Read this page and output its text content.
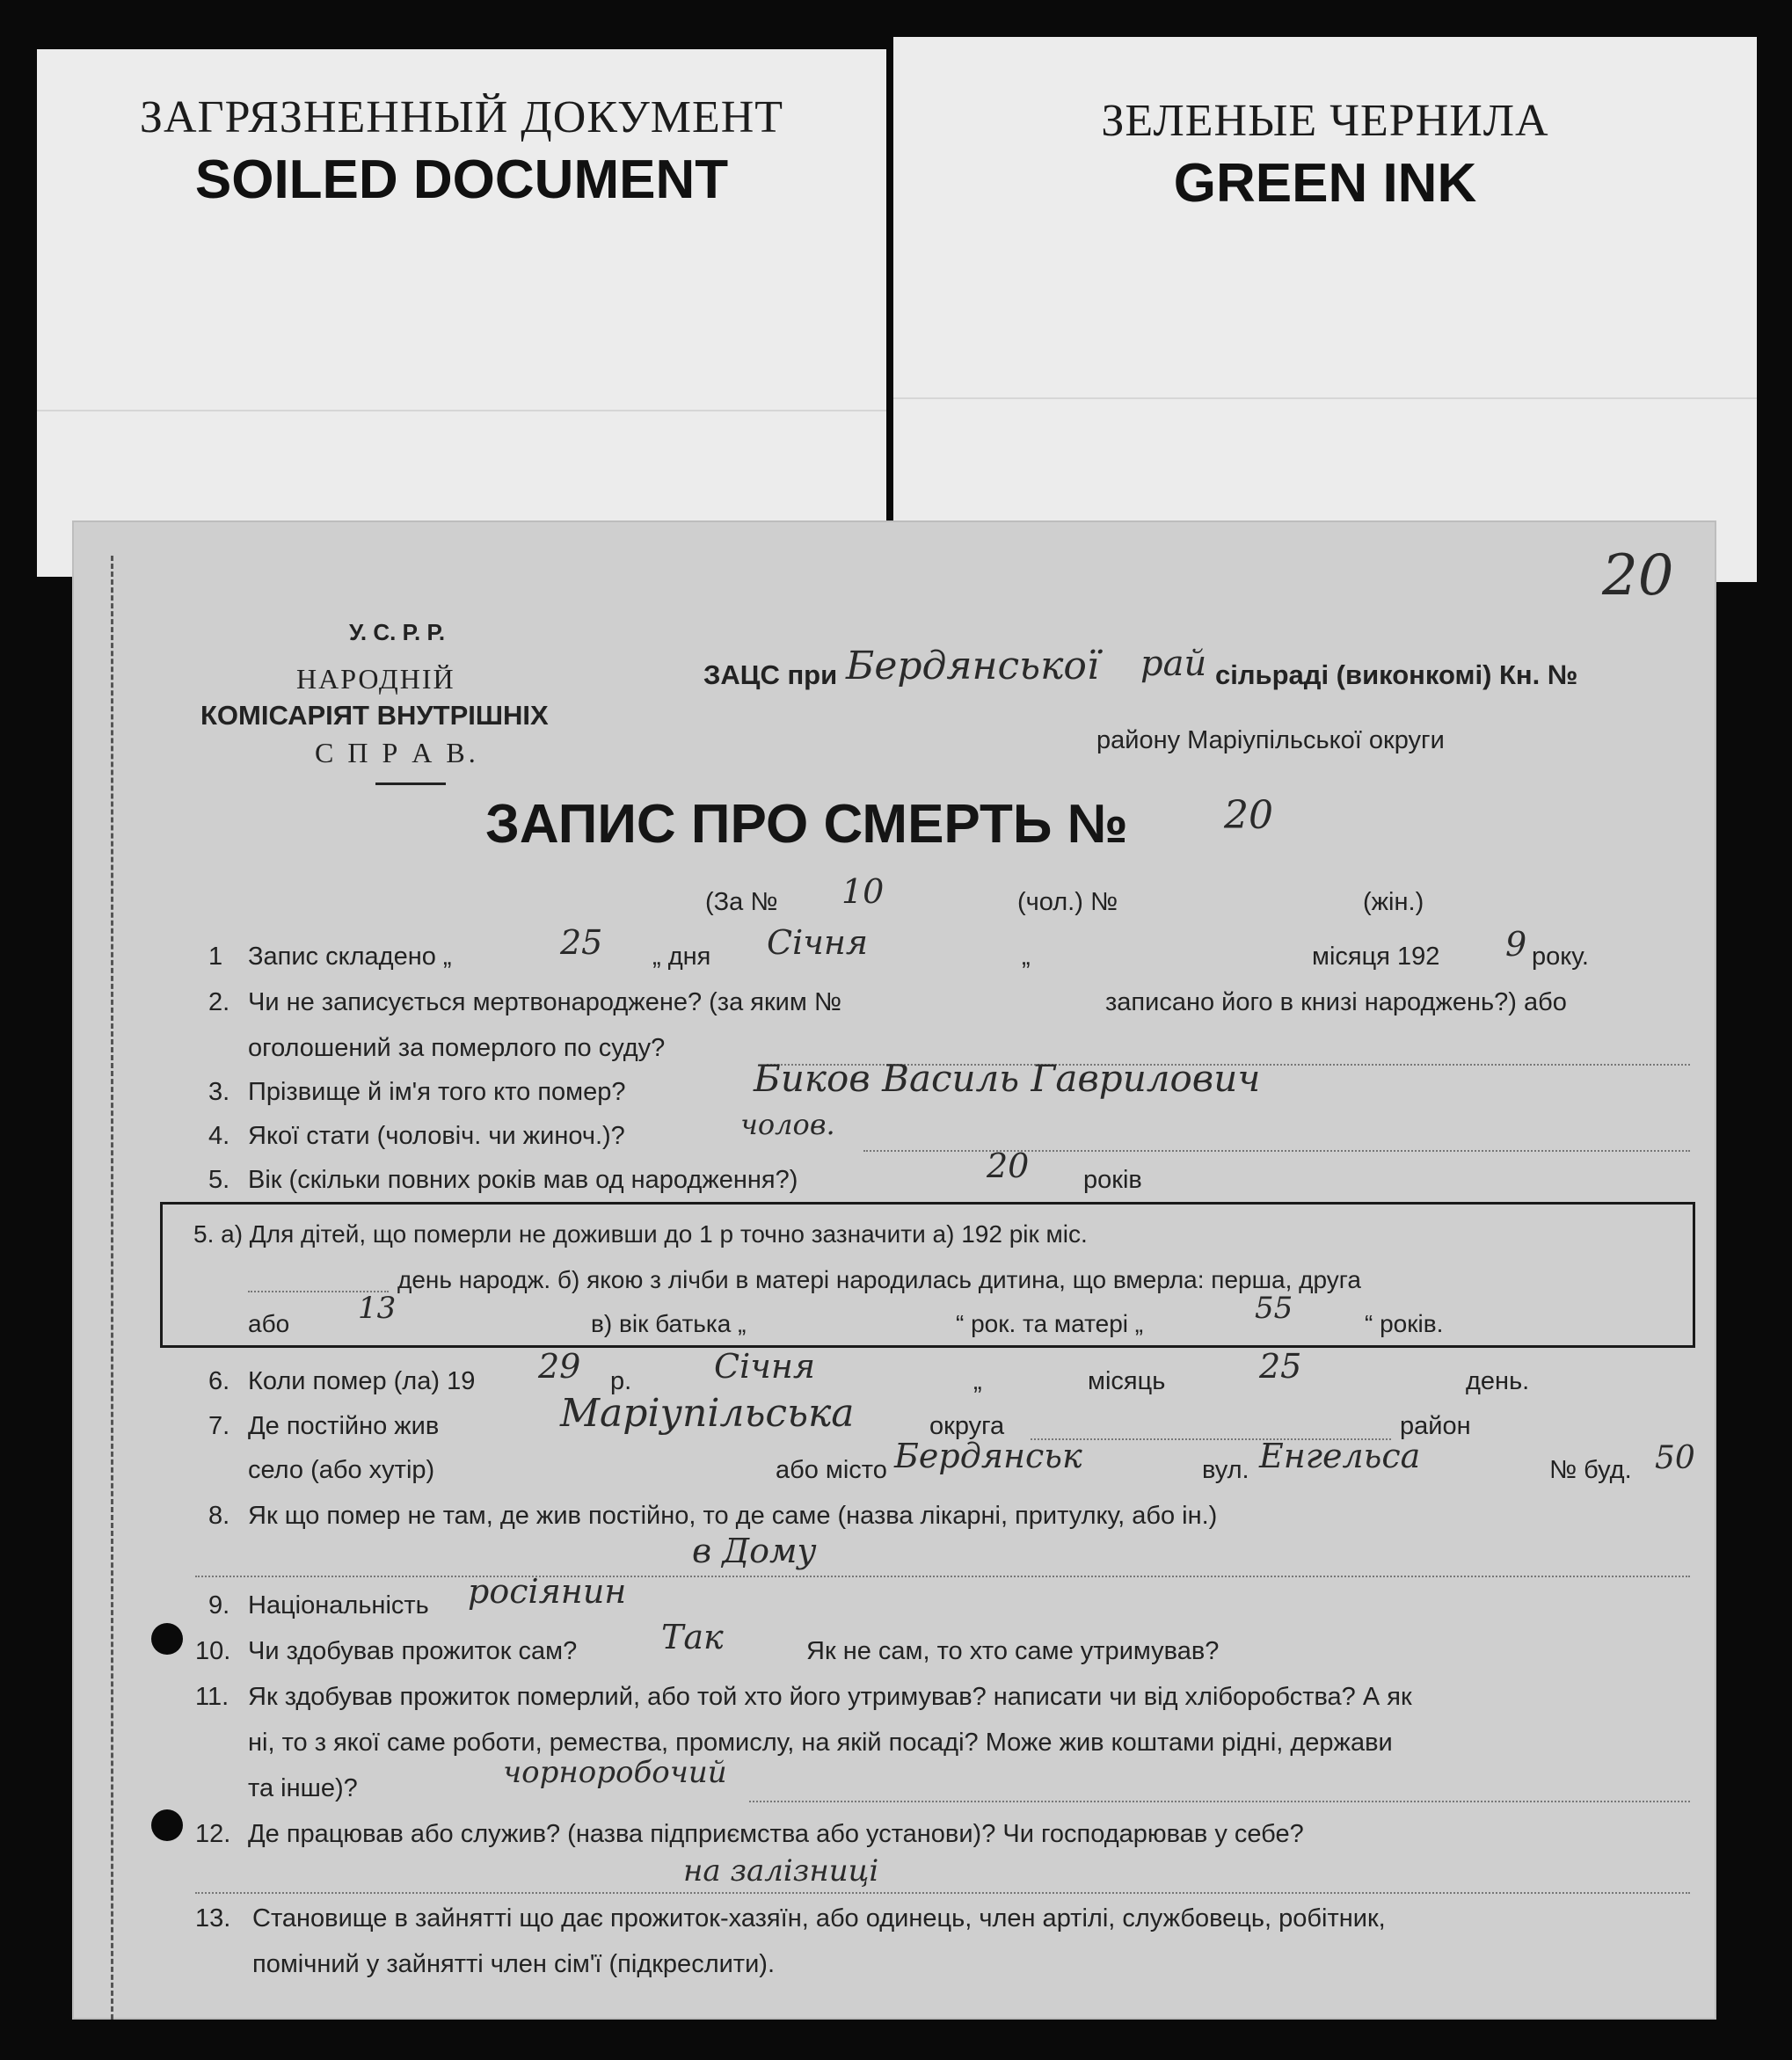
ЗАГРЯЗНЕННЫЙ ДОКУМЕНТ
SOILED DOCUMENT
ЗЕЛЕНЫЕ ЧЕРНИЛА
GREEN INK
20
У. С. Р. Р.
НАРОДНІЙ
КОМІСАРІЯТ ВНУТРІШНІХ
С П Р А В.
ЗАЦС при Бердянської рай сільраді (виконкомі) Кн. №
району Маріупільської округи
ЗАПИС ПРО СМЕРТЬ № 20
(За № 10	(чол.) №	(жін.)
1 Запис складено „	25 „ дня Січня	„	місяця 192 9 року.
2. Чи не записується мертвонароджене? (за яким №	записано його в книзі народжень?) або
оголошений за померлого по суду?
3. Прізвище й ім'я того кто помер?	Биков Василь Гаврилович
4. Якої стати (чоловіч. чи жиноч.)?	чолов.
5. Вік (скільки повних років мав од народження?)	20 років
5. а) Для дітей, що померли не доживши до 1 р точно зазначити а) 192 рік міс.
день народж. б) якою з лічби в матері народилась дитина, що вмерла: перша, друга
або 13	в) вік батька „	“ рок. та матері „	55	“ років.
6. Коли помер (ла) 19 29 р. Січня	„	місяць	25	день.
7. Де постійно жив	Маріупільська	округа	район
село (або хутір)	або місто Бердянськ	вул. Енгельса	№ буд. 50
8. Як що помер не там, де жив постійно, то де саме (назва лікарні, притулку, або ін.)
в Дому
9. Національність росіянин
10. Чи здобував прожиток сам?	Так	Як не сам, то хто саме утримував?
11. Як здобував прожиток померлий, або той хто його утримував? написати чи від хліборобства? А як
ні, то з якої саме роботи, ремества, промислу, на якій посаді? Може жив коштами рідні, держави
та інше)?	чорноробочий
12. Де працював або служив? (назва підприємства або установи)? Чи господарював у себе?
на залізниці
13. Становище в зайнятті що дає прожиток-хазяїн, або одинець, член артілі, службовець, робітник,
помічний у зайнятті член сім'ї (підкреслити).
